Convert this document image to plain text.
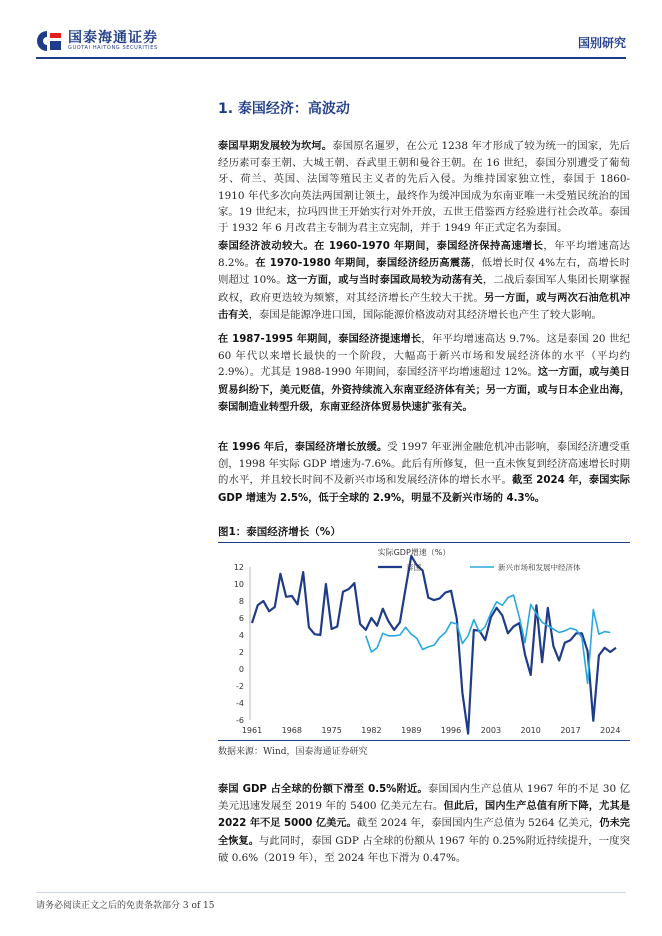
国泰海通证券
GUOTAI HAITONG SECURITIES	国别研究
1. 泰国经济：高波动

泰国早期发展较为坎坷。泰国原名暹罗，在公元 1238 年才形成了较为统一的国家，先后经历素可泰王朝、大城王朝、吞武里王朝和曼谷王朝。在 16 世纪，泰国分别遭受了葡萄牙、荷兰、英国、法国等殖民主义者的先后入侵。为维持国家独立性，泰国于 1860-1910 年代多次向英法两国割让领土，最终作为缓冲国成为东南亚唯一未受殖民统治的国家。19 世纪末，拉玛四世王开始实行对外开放，五世王借鉴西方经验进行社会改革。泰国于 1932 年 6 月改君主专制为君主立宪制，并于 1949 年正式定名为泰国。

泰国经济波动较大。在 1960-1970 年期间，泰国经济保持高速增长，年平均增速高达 8.2%。在 1970-1980 年期间，泰国经济经历高震荡，低增长时仅 4%左右，高增长时则超过 10%。这一方面，或与当时泰国政局较为动荡有关，二战后泰国军人集团长期掌握政权，政府更迭较为频繁，对其经济增长产生较大干扰。另一方面，或与两次石油危机冲击有关，泰国是能源净进口国，国际能源价格波动对其经济增长也产生了较大影响。

在 1987-1995 年期间，泰国经济提速增长，年平均增速高达 9.7%。这是泰国 20 世纪 60 年代以来增长最快的一个阶段，大幅高于新兴市场和发展经济体的水平（平均约 2.9%）。尤其是 1988-1990 年期间，泰国经济平均增速超过 12%。这一方面，或与美日贸易纠纷下，美元贬值，外资持续流入东南亚经济体有关；另一方面，或与日本企业出海，泰国制造业转型升级，东南亚经济体贸易快速扩张有关。

在 1996 年后，泰国经济增长放缓。受 1997 年亚洲金融危机冲击影响，泰国经济遭受重创，1998 年实际 GDP 增速为-7.6%。此后有所修复，但一直未恢复到经济高速增长时期的水平，并且较长时间不及新兴市场和发展经济体的增长水平。截至 2024 年，泰国实际 GDP 增速为 2.5%，低于全球的 2.9%，明显不及新兴市场的 4.3%。

图1：泰国经济增长（%）
实际GDP增速（%）
12
10
8
6
4
2
0
-2
-4
-6
1961 1968 1975 1982 1989 1996 2003 2010 2017 2024
泰国	新兴市场和发展中经济体
数据来源：Wind，国泰海通证券研究

泰国 GDP 占全球的份额下滑至 0.5%附近。泰国国内生产总值从 1967 年的不足 30 亿美元迅速发展至 2019 年的 5400 亿美元左右。但此后，国内生产总值有所下降，尤其是 2022 年不足 5000 亿美元。截至 2024 年，泰国国内生产总值为 5264 亿美元，仍未完全恢复。与此同时，泰国 GDP 占全球的份额从 1967 年的 0.25%附近持续提升，一度突破 0.6%（2019 年），至 2024 年也下滑为 0.47%。

请务必阅读正文之后的免责条款部分 3 of 15
